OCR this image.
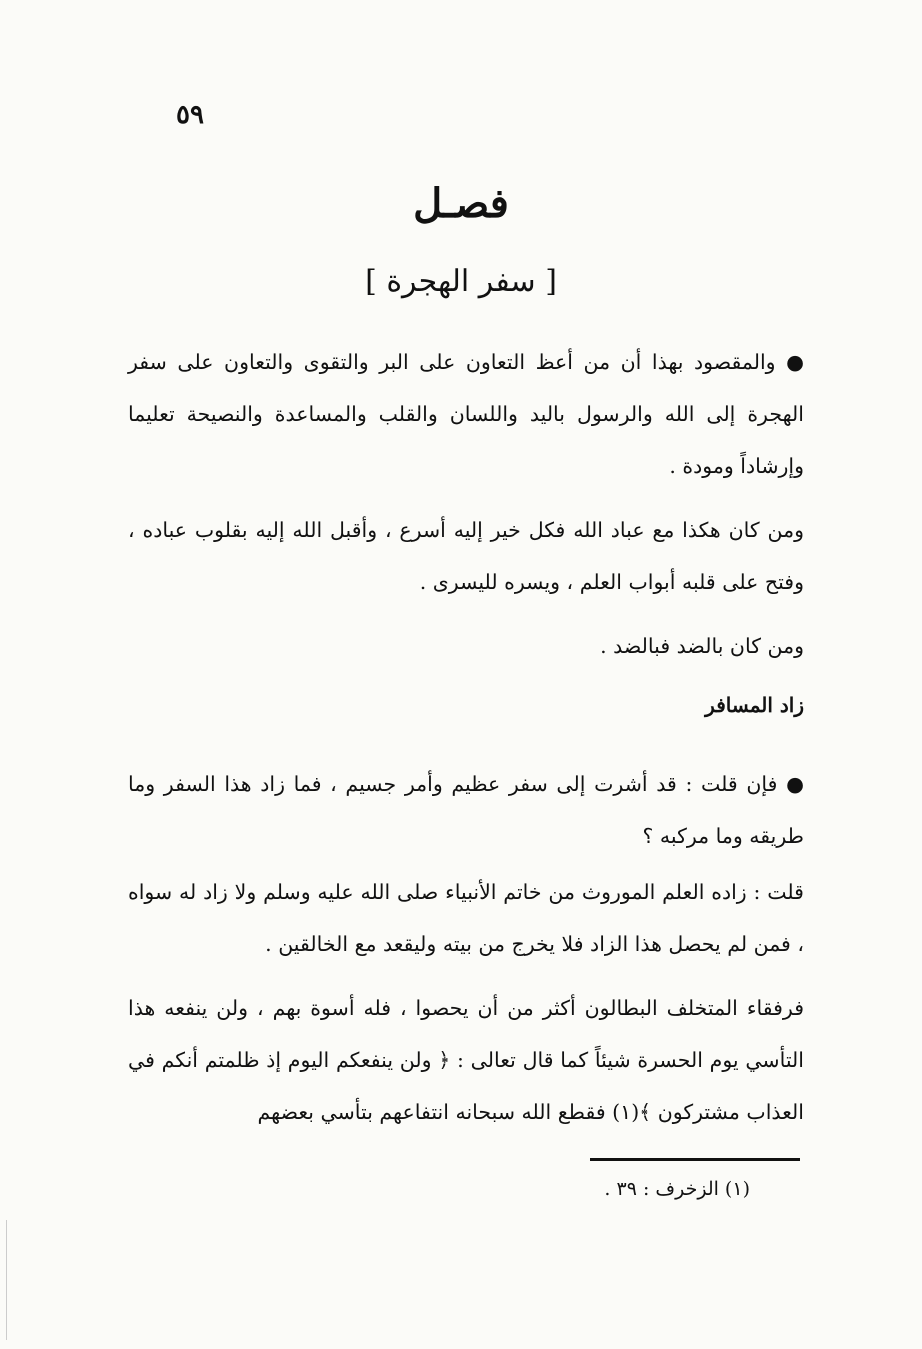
٥٩
فصـل
[ سفر الهجرة ]
● والمقصود بهذا أن من أعظ التعاون على البر والتقوى والتعاون على سفر الهجرة إلى الله والرسول باليد واللسان والقلب والمساعدة والنصيحة تعليما وإرشاداً ومودة .
ومن كان هكذا مع عباد الله فكل خير إليه أسرع ، وأقبل الله إليه بقلوب عباده ، وفتح على قلبه أبواب العلم ، ويسره لليسرى .
ومن كان بالضد فبالضد .
زاد المسافر
● فإن قلت : قد أشرت إلى سفر عظيم وأمر جسيم ، فما زاد هذا السفر وما طريقه وما مركبه ؟
قلت : زاده العلم الموروث من خاتم الأنبياء صلى الله عليه وسلم ولا زاد له سواه ، فمن لم يحصل هذا الزاد فلا يخرج من بيته وليقعد مع الخالقين .
فرفقاء المتخلف البطالون أكثر من أن يحصوا ، فله أسوة بهم ، ولن ينفعه هذا التأسي يوم الحسرة شيئاً كما قال تعالى : ﴿ ولن ينفعكم اليوم إذ ظلمتم أنكم في العذاب مشتركون ﴾(١) فقطع الله سبحانه انتفاعهم بتأسي بعضهم
(١) الزخرف : ٣٩ .
